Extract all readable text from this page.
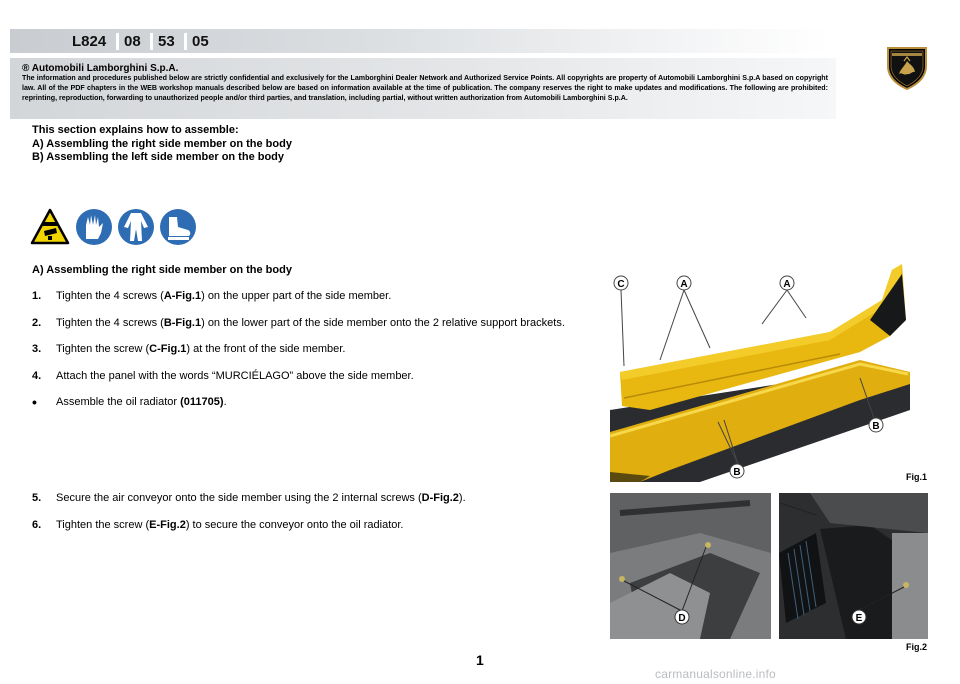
L824 08 53 05
® Automobili Lamborghini S.p.A.
The information and procedures published below are strictly confidential and exclusively for the Lamborghini Dealer Network and Authorized Service Points. All copyrights are property of Automobili Lamborghini S.p.A based on copyright law. All of the PDF chapters in the WEB workshop manuals described below are based on information available at the time of publication. The company reserves the right to make updates and modifications. The following are prohibited: reprinting, reproduction, forwarding to unauthorized people and/or third parties, and translation, including partial, without written authorization from Automobili Lamborghini S.p.A.
This section explains how to assemble:
A) Assembling the right side member on the body
B) Assembling the left side member on the body
A) Assembling the right side member on the body
1. Tighten the 4 screws (A-Fig.1) on the upper part of the side member.
2. Tighten the 4 screws (B-Fig.1) on the lower part of the side member onto the 2 relative support brackets.
3. Tighten the screw (C-Fig.1) at the front of the side member.
4. Attach the panel with the words “MURCIÉLAGO” above the side member.
• Assemble the oil radiator (011705).
5. Secure the air conveyor onto the side member using the 2 internal screws (D-Fig.2).
6. Tighten the screw (E-Fig.2) to secure the conveyor onto the oil radiator.
C	A	A
B
B	Fig.1
D	E
Fig.2
1
carmanualsonline.info
